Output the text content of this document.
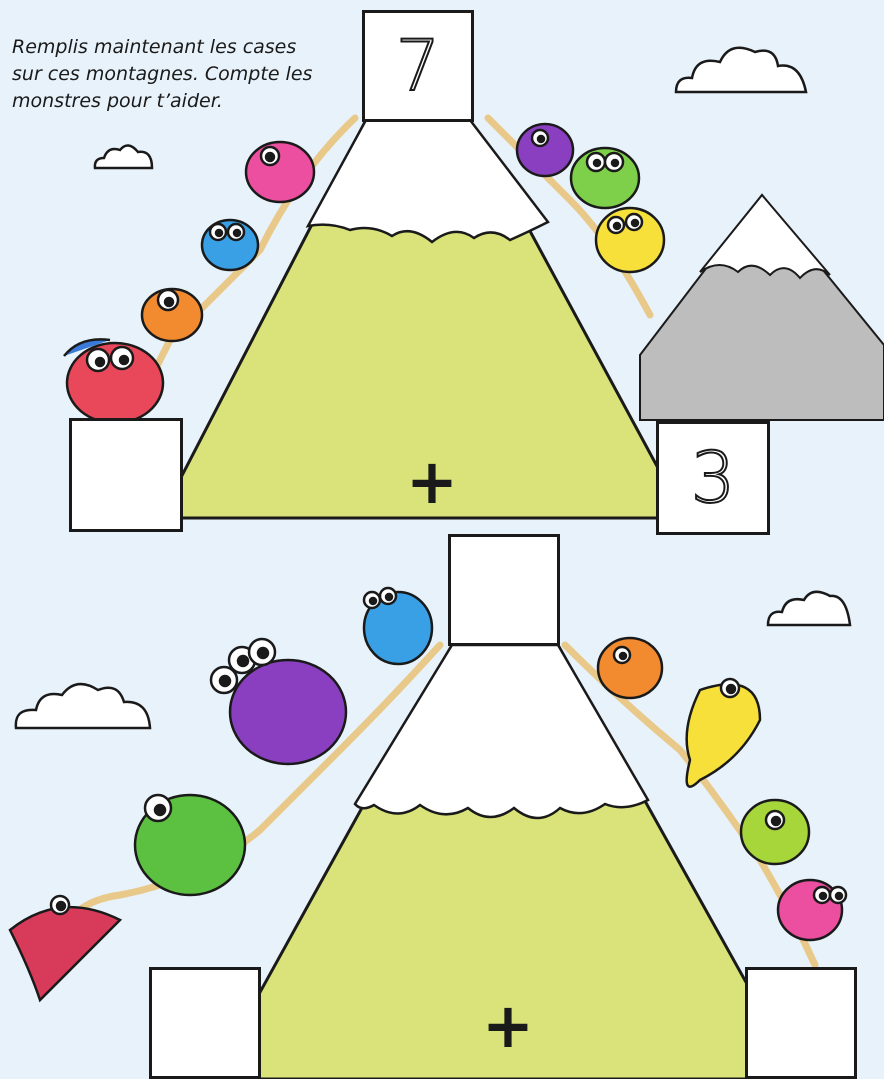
Remplis maintenant les cases
sur ces montagnes. Compte les
monstres pour t’aider.	7
3
+
+
